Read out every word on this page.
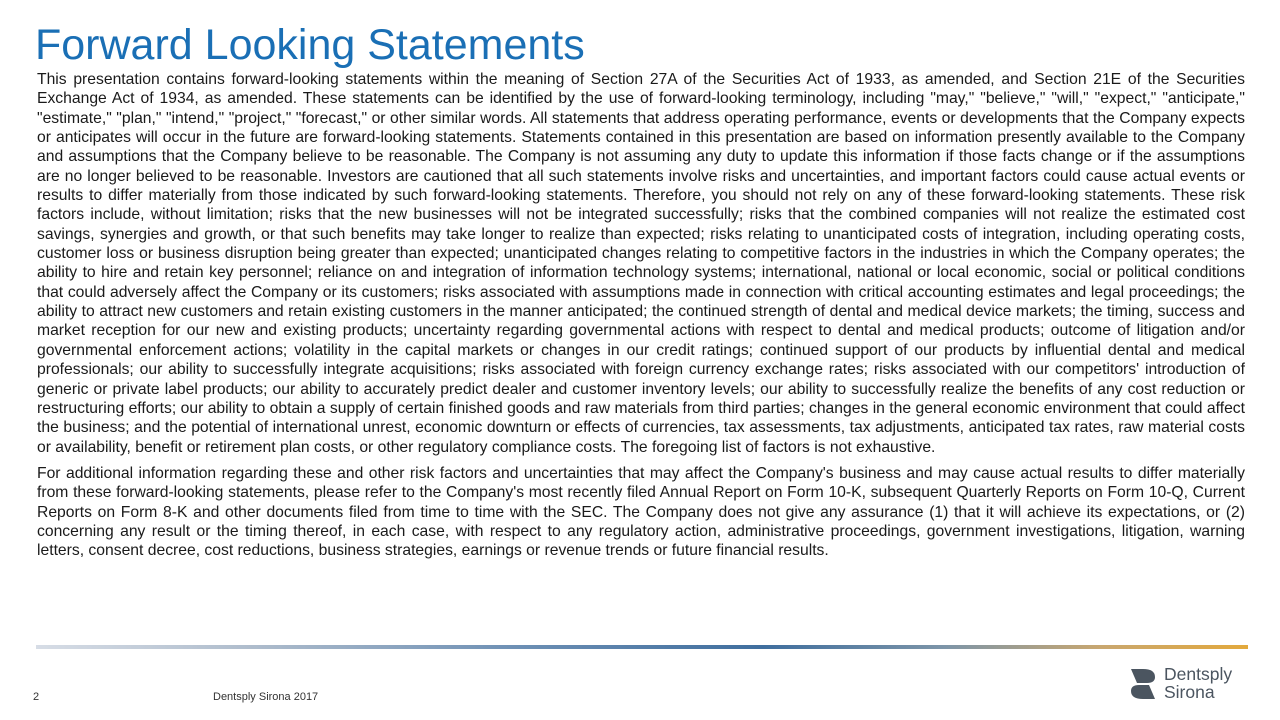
Forward Looking Statements

This presentation contains forward-looking statements within the meaning of Section 27A of the Securities Act of 1933, as amended, and Section 21E of the Securities Exchange Act of 1934, as amended. These statements can be identified by the use of forward-looking terminology, including "may," "believe," "will," "expect," "anticipate," "estimate," "plan," "intend," "project," "forecast," or other similar words. All statements that address operating performance, events or developments that the Company expects or anticipates will occur in the future are forward-looking statements. Statements contained in this presentation are based on information presently available to the Company and assumptions that the Company believe to be reasonable. The Company is not assuming any duty to update this information if those facts change or if the assumptions are no longer believed to be reasonable. Investors are cautioned that all such statements involve risks and uncertainties, and important factors could cause actual events or results to differ materially from those indicated by such forward-looking statements. Therefore, you should not rely on any of these forward-looking statements. These risk factors include, without limitation; risks that the new businesses will not be integrated successfully; risks that the combined companies will not realize the estimated cost savings, synergies and growth, or that such benefits may take longer to realize than expected; risks relating to unanticipated costs of integration, including operating costs, customer loss or business disruption being greater than expected; unanticipated changes relating to competitive factors in the industries in which the Company operates; the ability to hire and retain key personnel; reliance on and integration of information technology systems; international, national or local economic, social or political conditions that could adversely affect the Company or its customers; risks associated with assumptions made in connection with critical accounting estimates and legal proceedings; the ability to attract new customers and retain existing customers in the manner anticipated; the continued strength of dental and medical device markets; the timing, success and market reception for our new and existing products; uncertainty regarding governmental actions with respect to dental and medical products; outcome of litigation and/or governmental enforcement actions; volatility in the capital markets or changes in our credit ratings; continued support of our products by influential dental and medical professionals; our ability to successfully integrate acquisitions; risks associated with foreign currency exchange rates; risks associated with our competitors' introduction of generic or private label products; our ability to accurately predict dealer and customer inventory levels; our ability to successfully realize the benefits of any cost reduction or restructuring efforts; our ability to obtain a supply of certain finished goods and raw materials from third parties; changes in the general economic environment that could affect the business; and the potential of international unrest, economic downturn or effects of currencies, tax assessments, tax adjustments, anticipated tax rates, raw material costs or availability, benefit or retirement plan costs, or other regulatory compliance costs. The foregoing list of factors is not exhaustive.

For additional information regarding these and other risk factors and uncertainties that may affect the Company's business and may cause actual results to differ materially from these forward-looking statements, please refer to the Company's most recently filed Annual Report on Form 10-K, subsequent Quarterly Reports on Form 10-Q, Current Reports on Form 8-K and other documents filed from time to time with the SEC. The Company does not give any assurance (1) that it will achieve its expectations, or (2) concerning any result or the timing thereof, in each case, with respect to any regulatory action, administrative proceedings, government investigations, litigation, warning letters, consent decree, cost reductions, business strategies, earnings or revenue trends or future financial results.

2	Dentsply Sirona 2017
Dentsply
Sirona
